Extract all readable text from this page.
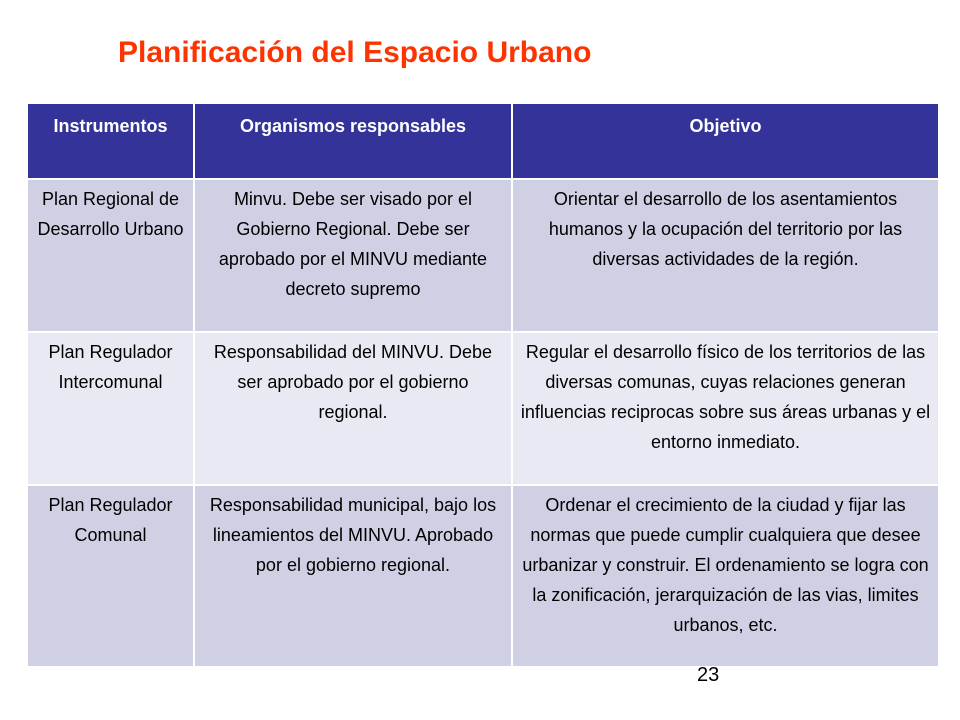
Planificación del Espacio Urbano
Instrumentos	Organismos responsables	Objetivo
Plan Regional de Desarrollo Urbano	Minvu. Debe ser visado por el Gobierno Regional. Debe ser aprobado por el MINVU mediante decreto supremo	Orientar el desarrollo de los asentamientos humanos y la ocupación del territorio por las diversas actividades de la región.
Plan Regulador Intercomunal	Responsabilidad del MINVU. Debe ser aprobado por el gobierno regional.	Regular el desarrollo físico de los territorios de las diversas comunas, cuyas relaciones generan influencias reciprocas sobre sus áreas urbanas y el entorno inmediato.
Plan Regulador Comunal	Responsabilidad municipal, bajo los lineamientos del MINVU. Aprobado por el gobierno regional.	Ordenar el crecimiento de la ciudad y fijar las normas que puede cumplir cualquiera que desee urbanizar y construir. El ordenamiento se logra con la zonificación, jerarquización de las vias, limites urbanos, etc.
23
